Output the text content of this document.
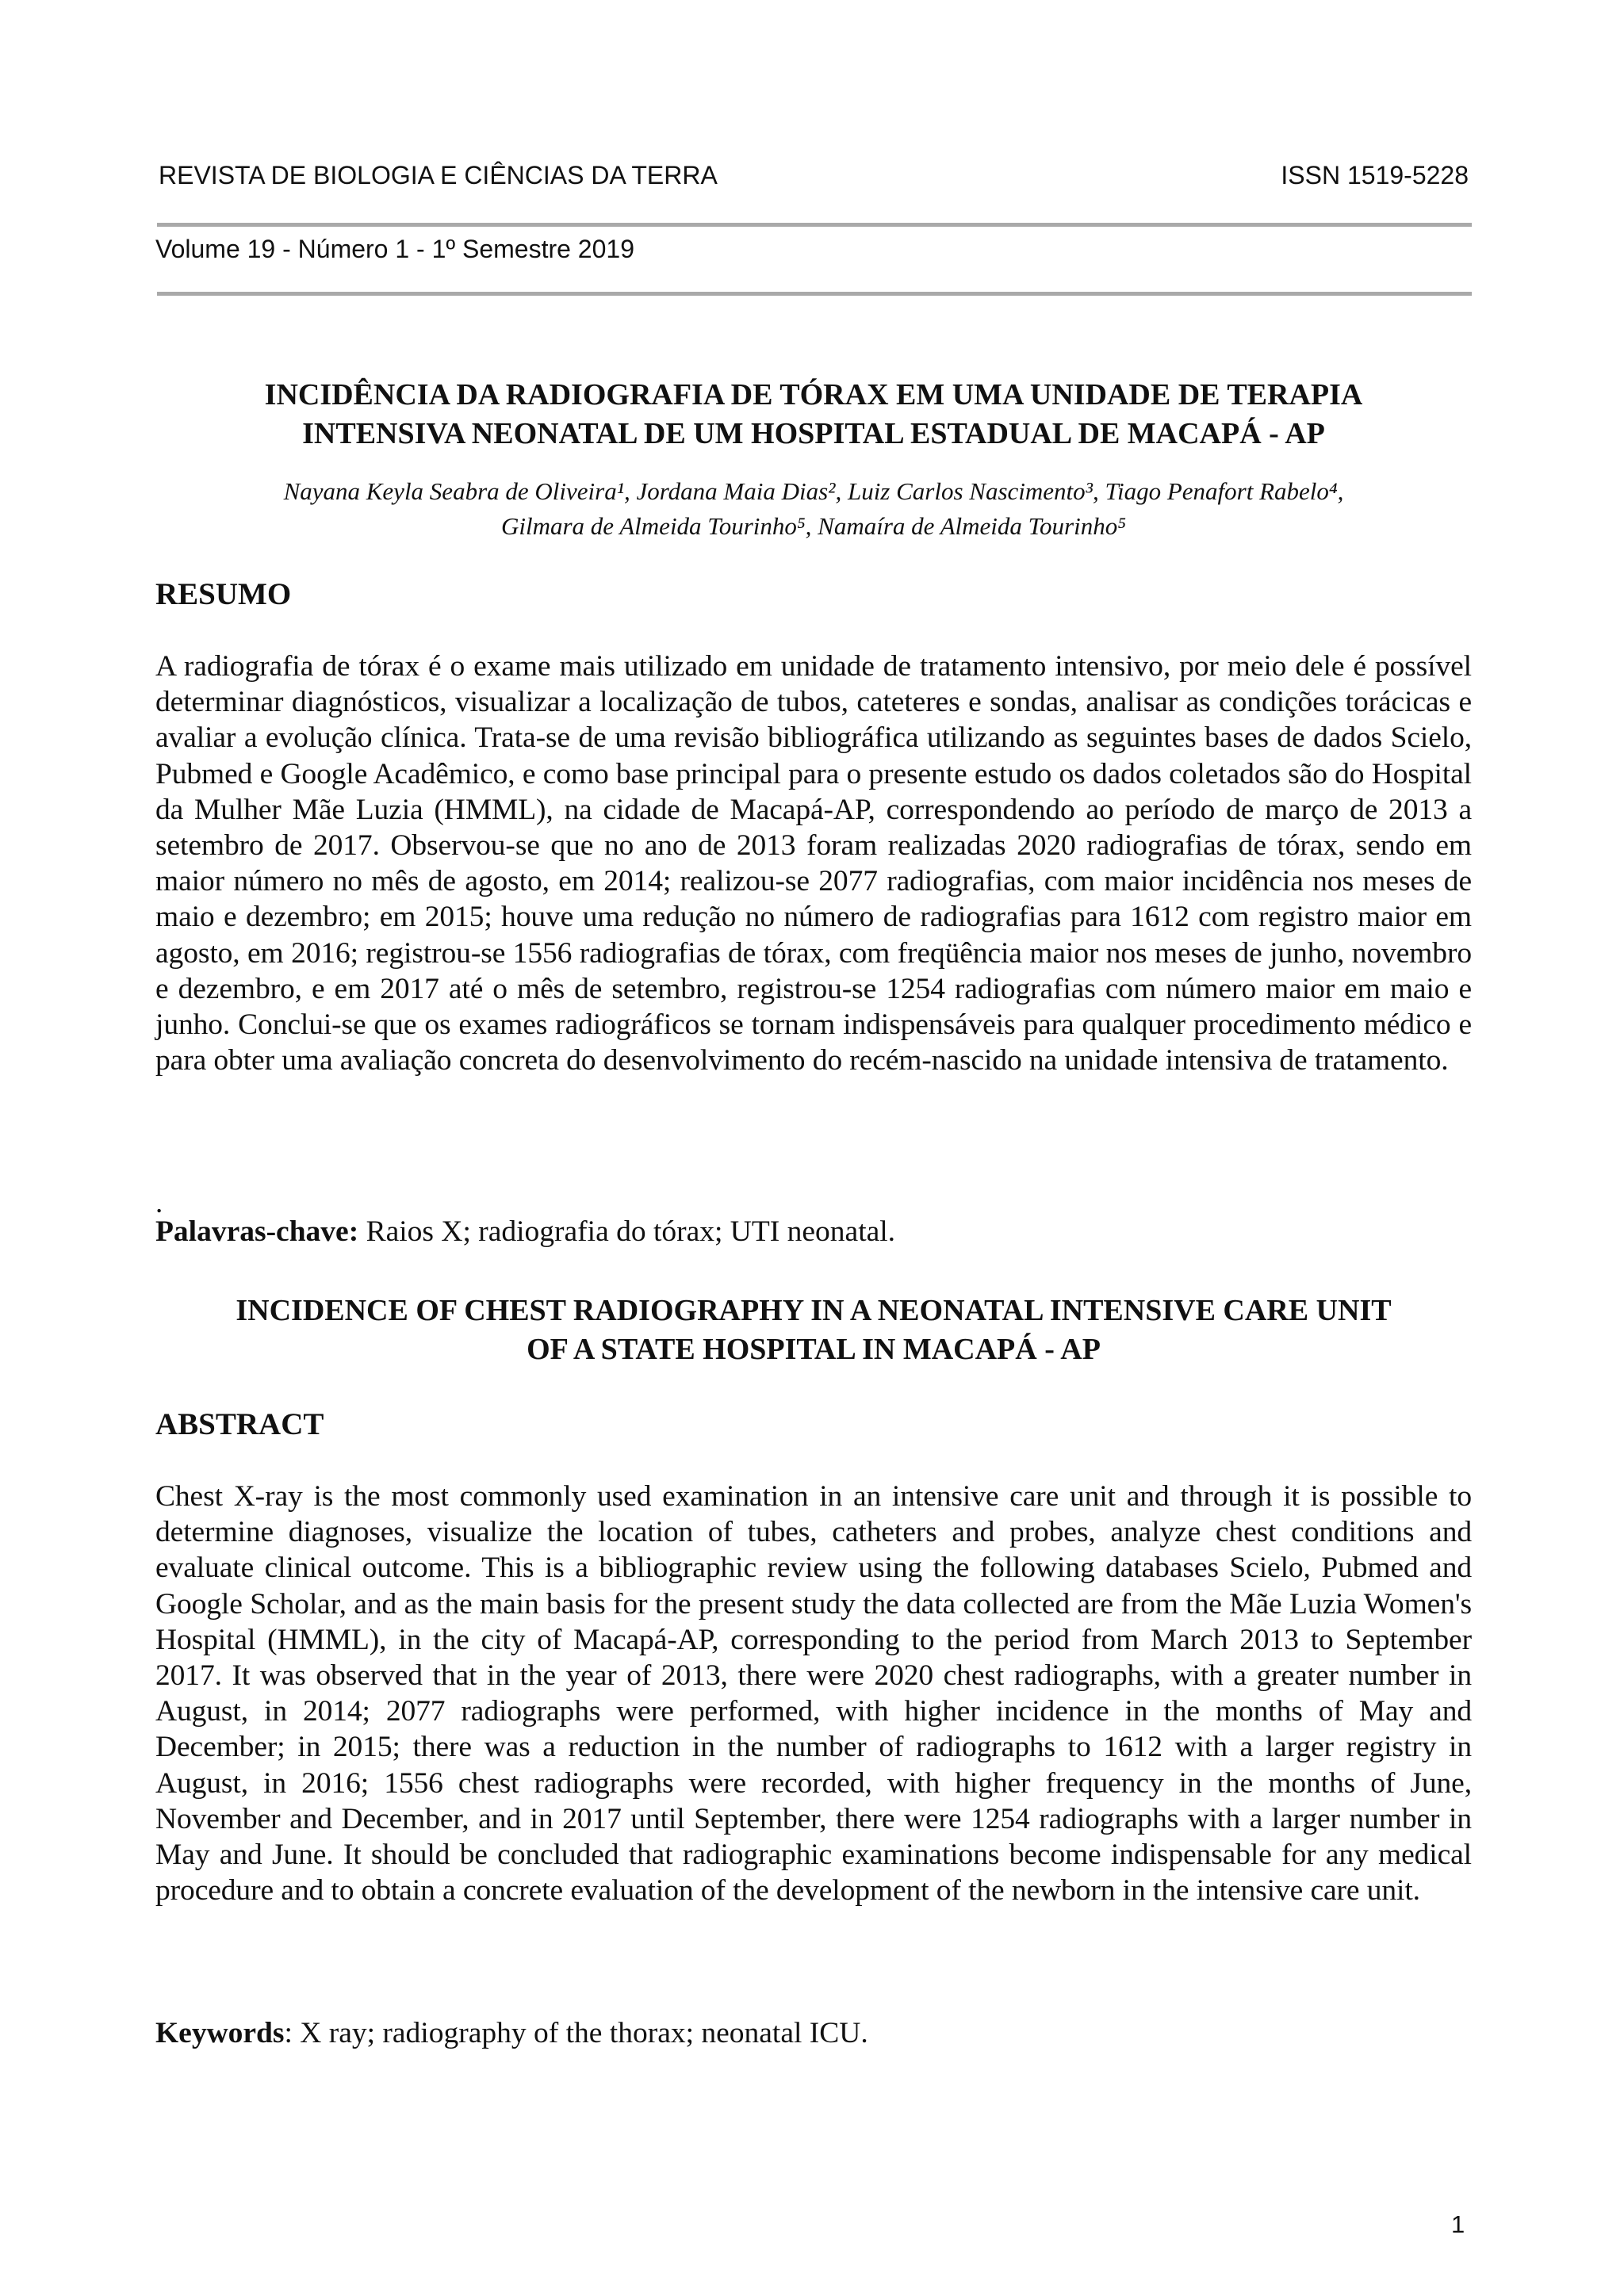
REVISTA DE BIOLOGIA E CIÊNCIAS DA TERRA	ISSN 1519-5228
Volume 19 - Número 1 - 1º Semestre 2019
INCIDÊNCIA DA RADIOGRAFIA DE TÓRAX EM UMA UNIDADE DE TERAPIA
INTENSIVA NEONATAL DE UM HOSPITAL ESTADUAL DE MACAPÁ - AP
Nayana Keyla Seabra de Oliveira¹, Jordana Maia Dias², Luiz Carlos Nascimento³, Tiago Penafort Rabelo⁴,
Gilmara de Almeida Tourinho⁵, Namaíra de Almeida Tourinho⁵
RESUMO

A radiografia de tórax é o exame mais utilizado em unidade de tratamento intensivo, por meio dele é possível determinar diagnósticos, visualizar a localização de tubos, cateteres e sondas, analisar as condições torácicas e avaliar a evolução clínica. Trata-se de uma revisão bibliográfica utilizando as seguintes bases de dados Scielo, Pubmed e Google Acadêmico, e como base principal para o presente estudo os dados coletados são do Hospital da Mulher Mãe Luzia (HMML), na cidade de Macapá-AP, correspondendo ao período de março de 2013 a setembro de 2017. Observou-se que no ano de 2013 foram realizadas 2020 radiografias de tórax, sendo em maior número no mês de agosto, em 2014; realizou-se 2077 radiografias, com maior incidência nos meses de maio e dezembro; em 2015; houve uma redução no número de radiografias para 1612 com registro maior em agosto, em 2016; registrou-se 1556 radiografias de tórax, com freqüência maior nos meses de junho, novembro e dezembro, e em 2017 até o mês de setembro, registrou-se 1254 radiografias com número maior em maio e junho. Conclui-se que os exames radiográficos se tornam indispensáveis para qualquer procedimento médico e para obter uma avaliação concreta do desenvolvimento do recém-nascido na unidade intensiva de tratamento.

.

Palavras-chave: Raios X; radiografia do tórax; UTI neonatal.

INCIDENCE OF CHEST RADIOGRAPHY IN A NEONATAL INTENSIVE CARE UNIT
OF A STATE HOSPITAL IN MACAPÁ - AP
ABSTRACT

Chest X-ray is the most commonly used examination in an intensive care unit and through it is possible to determine diagnoses, visualize the location of tubes, catheters and probes, analyze chest conditions and evaluate clinical outcome. This is a bibliographic review using the following databases Scielo, Pubmed and Google Scholar, and as the main basis for the present study the data collected are from the Mãe Luzia Women's Hospital (HMML), in the city of Macapá-AP, corresponding to the period from March 2013 to September 2017. It was observed that in the year of 2013, there were 2020 chest radiographs, with a greater number in August, in 2014; 2077 radiographs were performed, with higher incidence in the months of May and December; in 2015; there was a reduction in the number of radiographs to 1612 with a larger registry in August, in 2016; 1556 chest radiographs were recorded, with higher frequency in the months of June, November and December, and in 2017 until September, there were 1254 radiographs with a larger number in May and June. It should be concluded that radiographic examinations become indispensable for any medical procedure and to obtain a concrete evaluation of the development of the newborn in the intensive care unit.

Keywords: X ray; radiography of the thorax; neonatal ICU.

1
